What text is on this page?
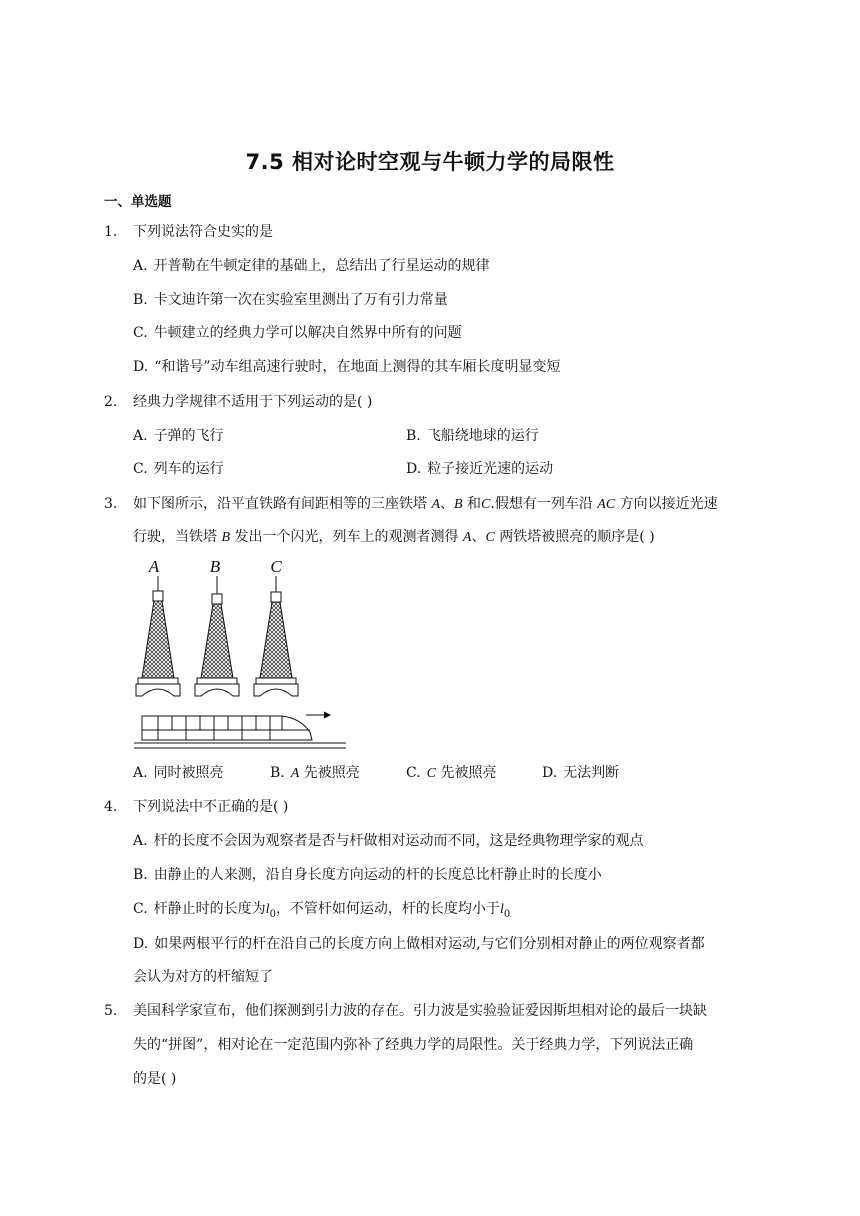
7.5 相对论时空观与牛顿力学的局限性
一、单选题
1. 下列说法符合史实的是
A. 开普勒在牛顿定律的基础上，总结出了行星运动的规律
B. 卡文迪许第一次在实验室里测出了万有引力常量
C. 牛顿建立的经典力学可以解决自然界中所有的问题
D. “和谐号”动车组高速行驶时，在地面上测得的其车厢长度明显变短
2. 经典力学规律不适用于下列运动的是( )
A. 子弹的飞行	B. 飞船绕地球的运行
C. 列车的运行	D. 粒子接近光速的运动
3. 如下图所示，沿平直铁路有间距相等的三座铁塔 A、B 和C.假想有一列车沿 AC 方向以接近光速
行驶，当铁塔 B 发出一个闪光，列车上的观测者测得 A、C 两铁塔被照亮的顺序是( )
A	B	C
A. 同时被照亮	B. A 先被照亮	C. C 先被照亮	D. 无法判断
4. 下列说法中不正确的是( )
A. 杆的长度不会因为观察者是否与杆做相对运动而不同，这是经典物理学家的观点
B. 由静止的人来测，沿自身长度方向运动的杆的长度总比杆静止时的长度小
C. 杆静止时的长度为$l_0$，不管杆如何运动，杆的长度均小于$l_0$
D. 如果两根平行的杆在沿自己的长度方向上做相对运动,与它们分别相对静止的两位观察者都
会认为对方的杆缩短了
5. 美国科学家宣布，他们探测到引力波的存在。引力波是实验验证爱因斯坦相对论的最后一块缺
失的“拼图”，相对论在一定范围内弥补了经典力学的局限性。关于经典力学，下列说法正确
的是( )
